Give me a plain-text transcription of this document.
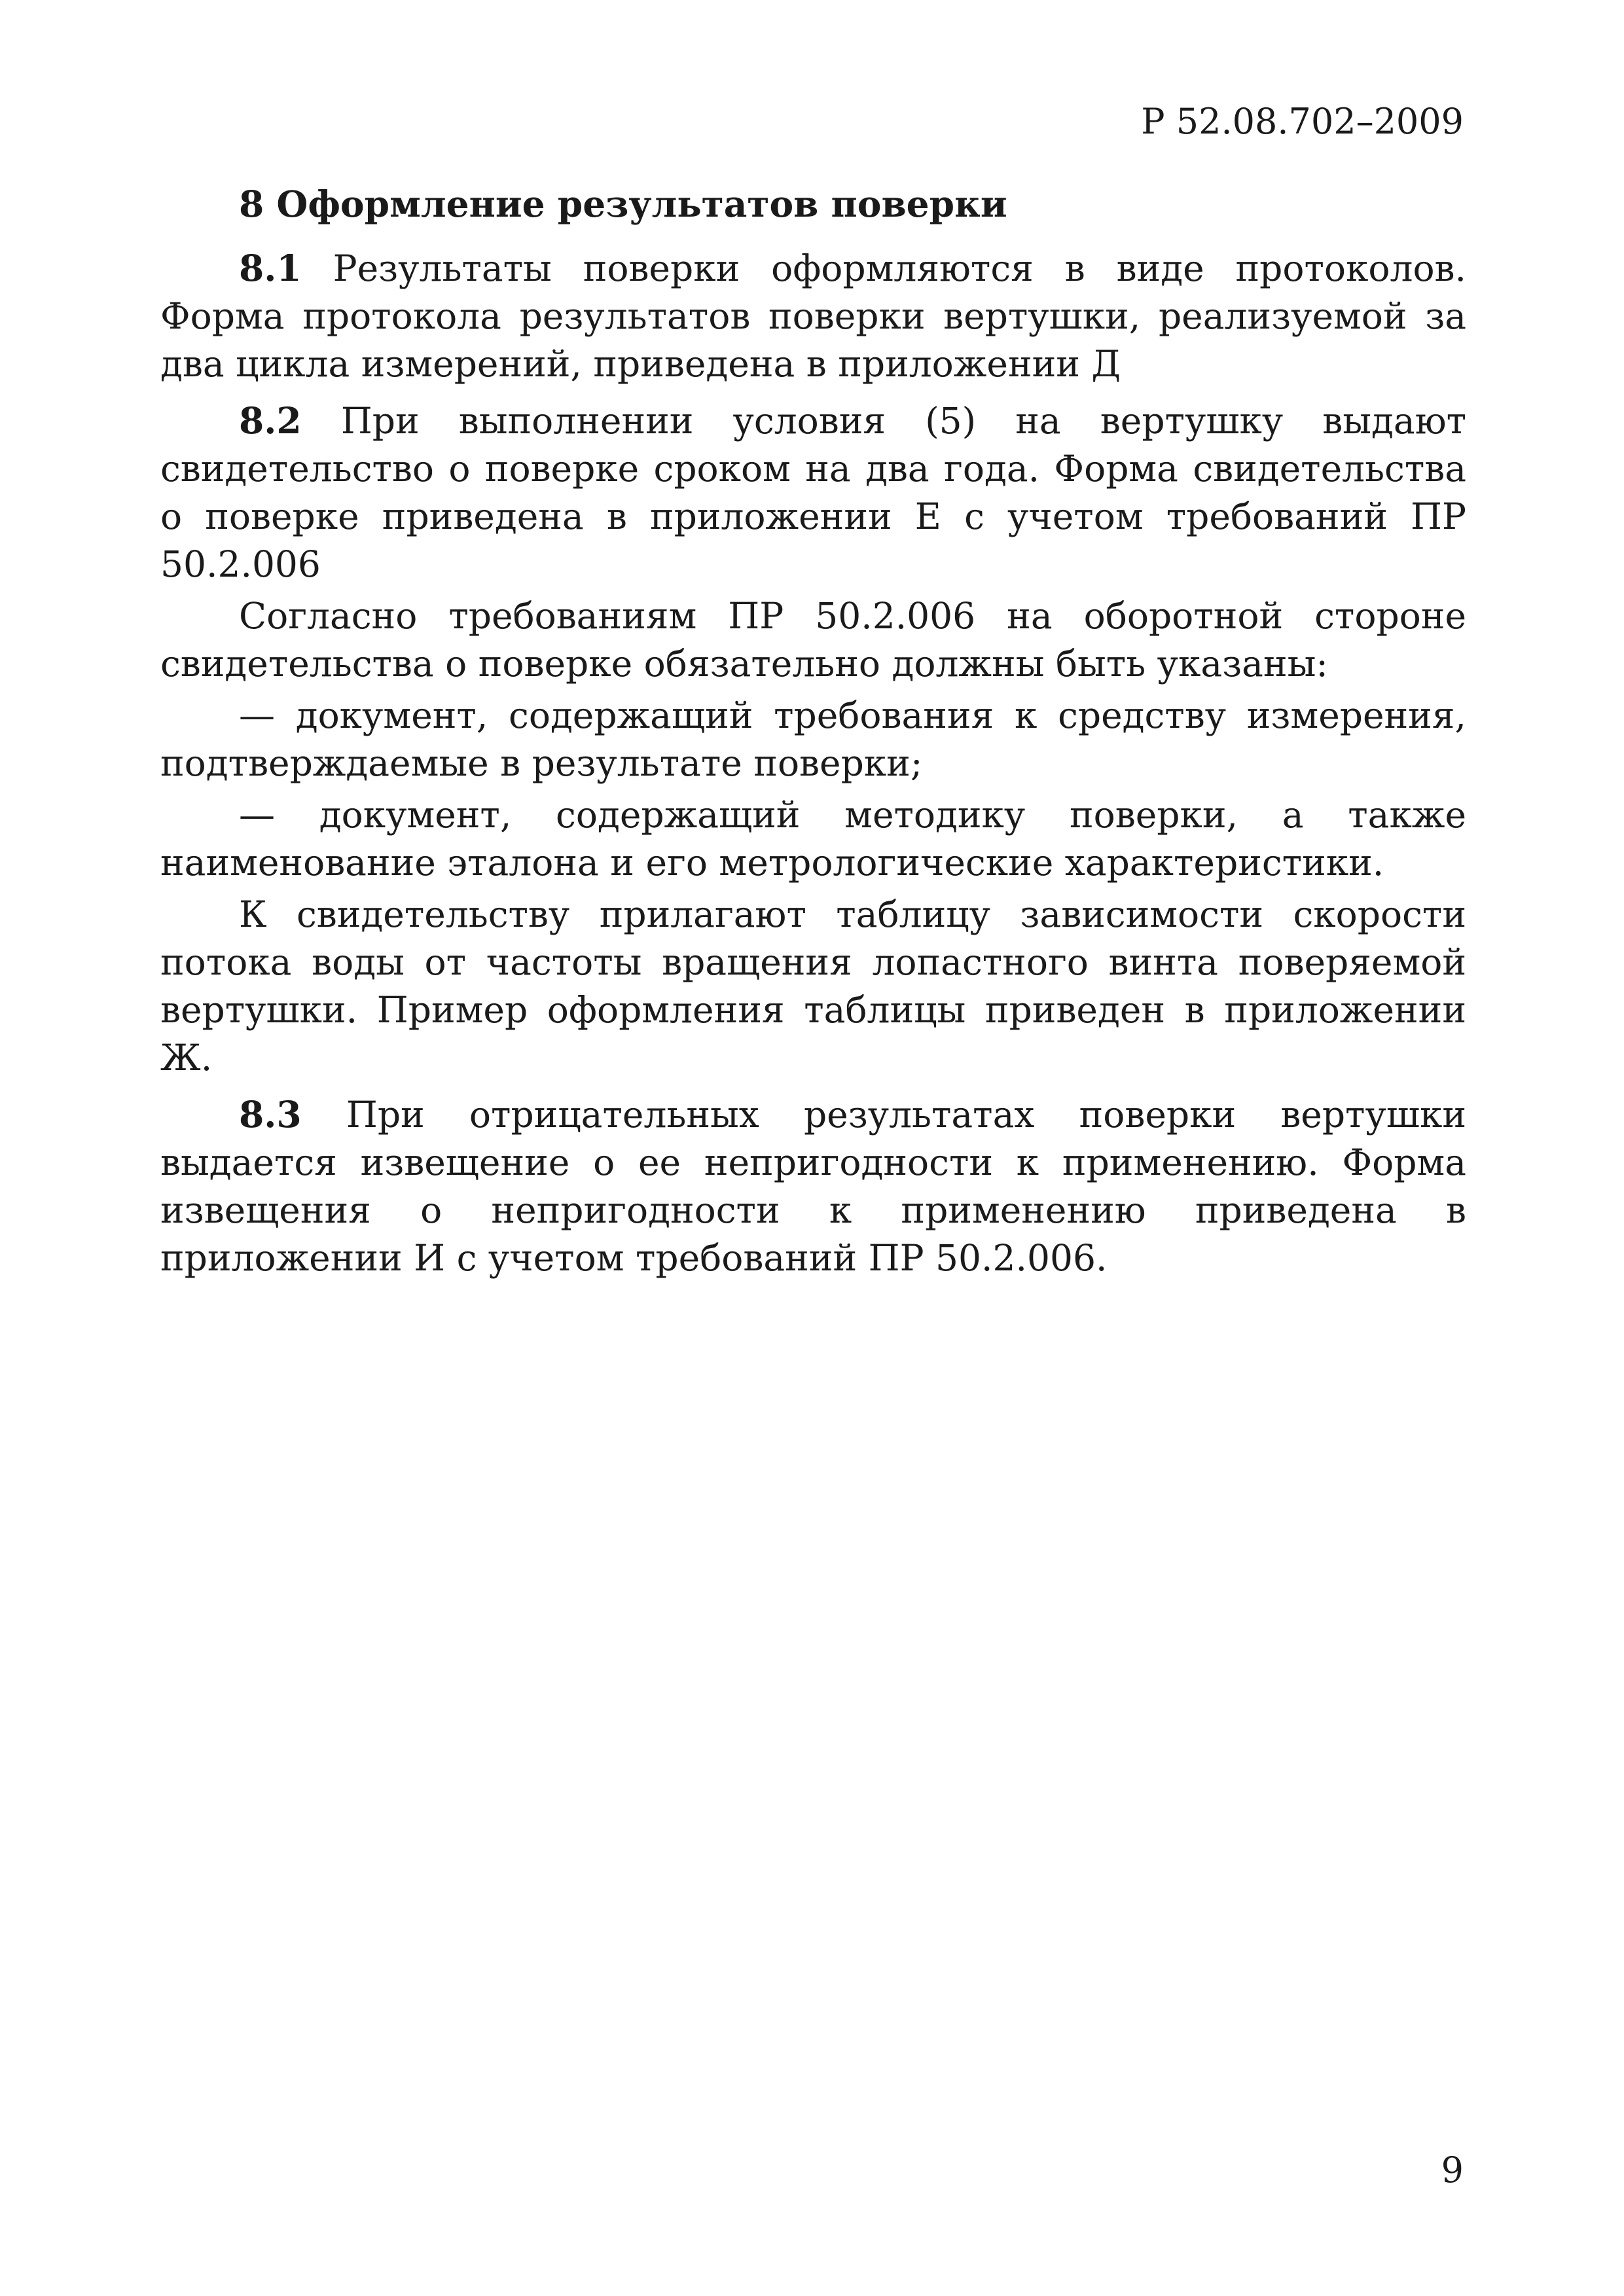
Р 52.08.702–2009
8 Оформление результатов поверки

8.1 Результаты поверки оформляются в виде протоколов. Форма протокола результатов поверки вертушки, реализуемой за два цикла измерений, приведена в приложении Д

8.2 При выполнении условия (5) на вертушку выдают свидетельство о поверке сроком на два года. Форма свидетельства о поверке приведена в приложении Е с учетом требований ПР 50.2.006

Согласно требованиям ПР 50.2.006 на оборотной стороне свидетельства о поверке обязательно должны быть указаны:

— документ, содержащий требования к средству измерения, подтверждаемые в результате поверки;

— документ, содержащий методику поверки, а также наименование эталона и его метрологические характеристики.

К свидетельству прилагают таблицу зависимости скорости потока воды от частоты вращения лопастного винта поверяемой вертушки. Пример оформления таблицы приведен в приложении Ж.

8.3 При отрицательных результатах поверки вертушки выдается извещение о ее непригодности к применению. Форма извещения о непригодности к применению приведена в приложении И с учетом требований ПР 50.2.006.

9
